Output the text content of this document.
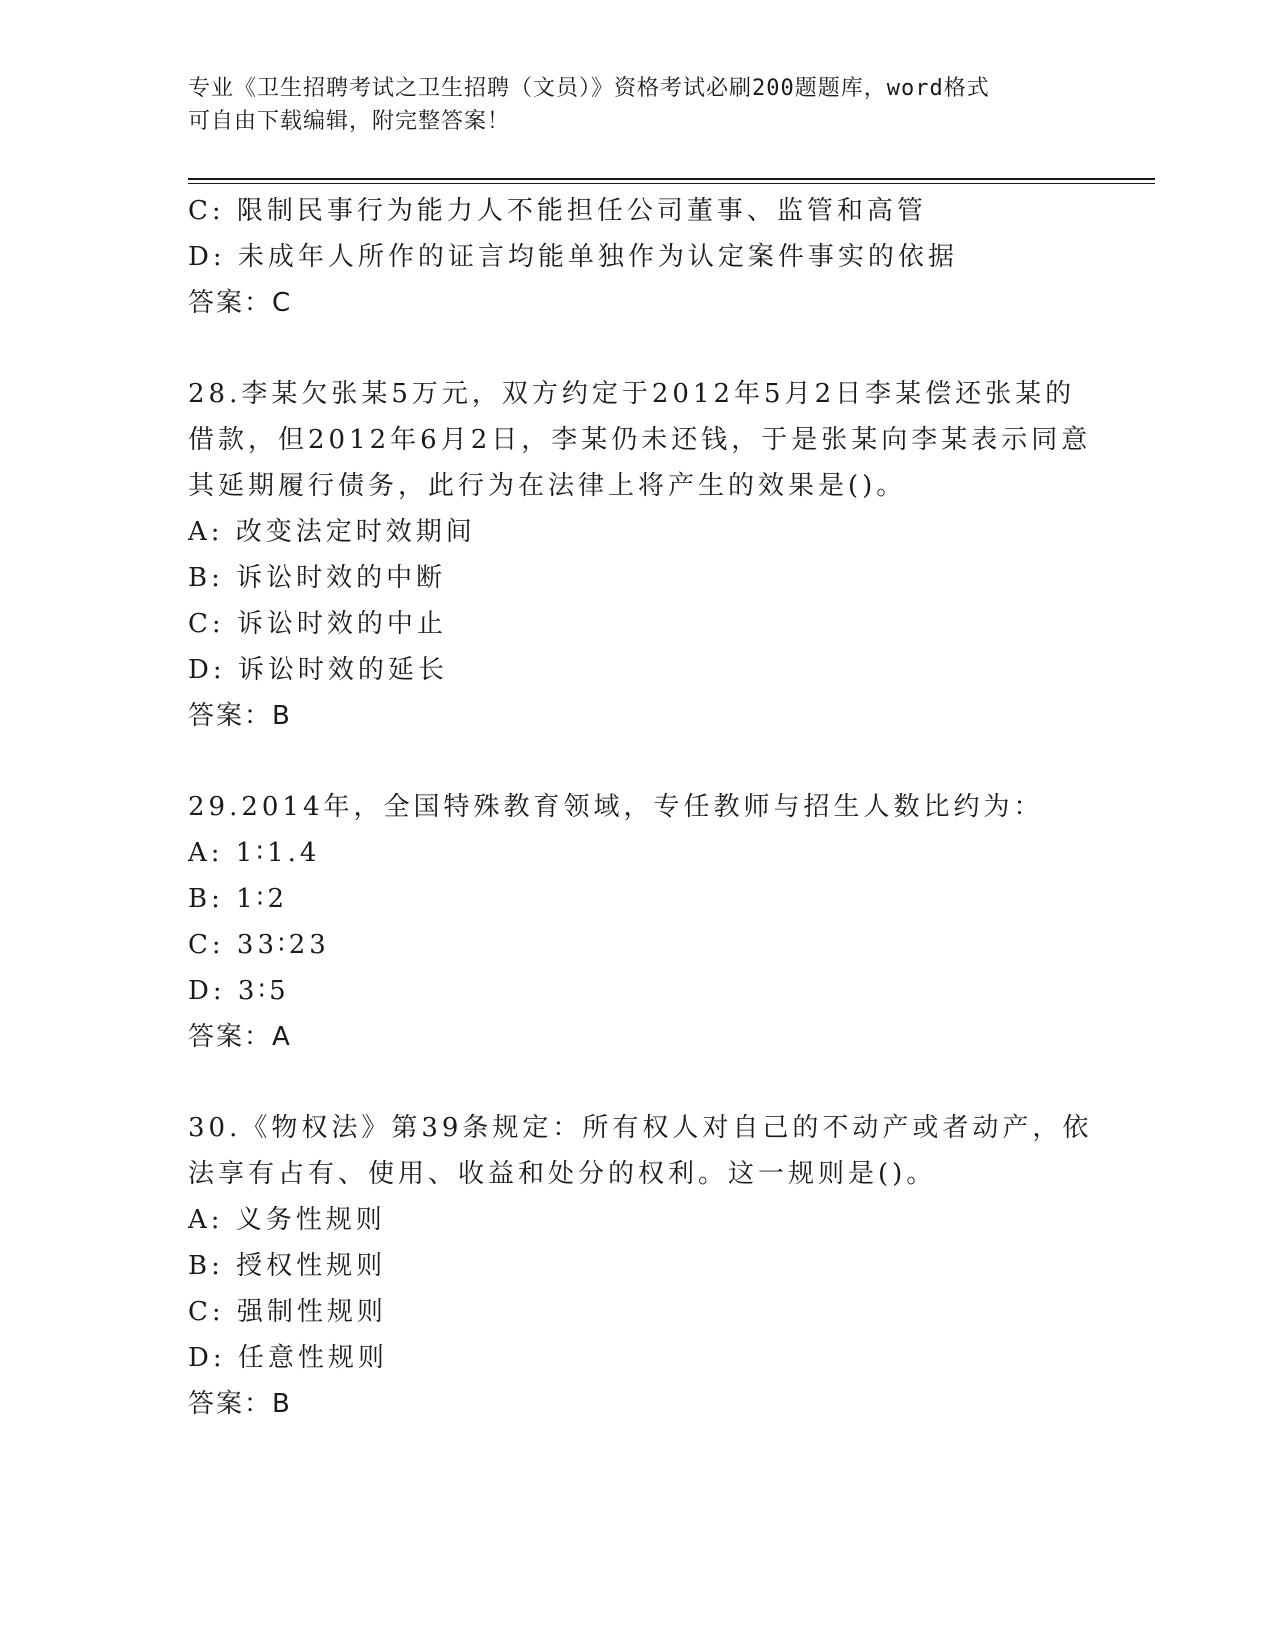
专业《卫生招聘考试之卫生招聘（文员）》资格考试必刷200题题库，word格式
可自由下载编辑，附完整答案！
C: 限制民事行为能力人不能担任公司董事、监管和高管
D: 未成年人所作的证言均能单独作为认定案件事实的依据
答案：C
28.李某欠张某5万元，双方约定于2012年5月2日李某偿还张某的
借款，但2012年6月2日，李某仍未还钱，于是张某向李某表示同意
其延期履行债务，此行为在法律上将产生的效果是()。
A: 改变法定时效期间
B: 诉讼时效的中断
C: 诉讼时效的中止
D: 诉讼时效的延长
答案：B
29.2014年，全国特殊教育领域，专任教师与招生人数比约为：
A: 1∶1.4
B: 1∶2
C: 33∶23
D: 3∶5
答案：A
30.《物权法》第39条规定：所有权人对自己的不动产或者动产，依
法享有占有、使用、收益和处分的权利。这一规则是()。
A: 义务性规则
B: 授权性规则
C: 强制性规则
D: 任意性规则
答案：B
